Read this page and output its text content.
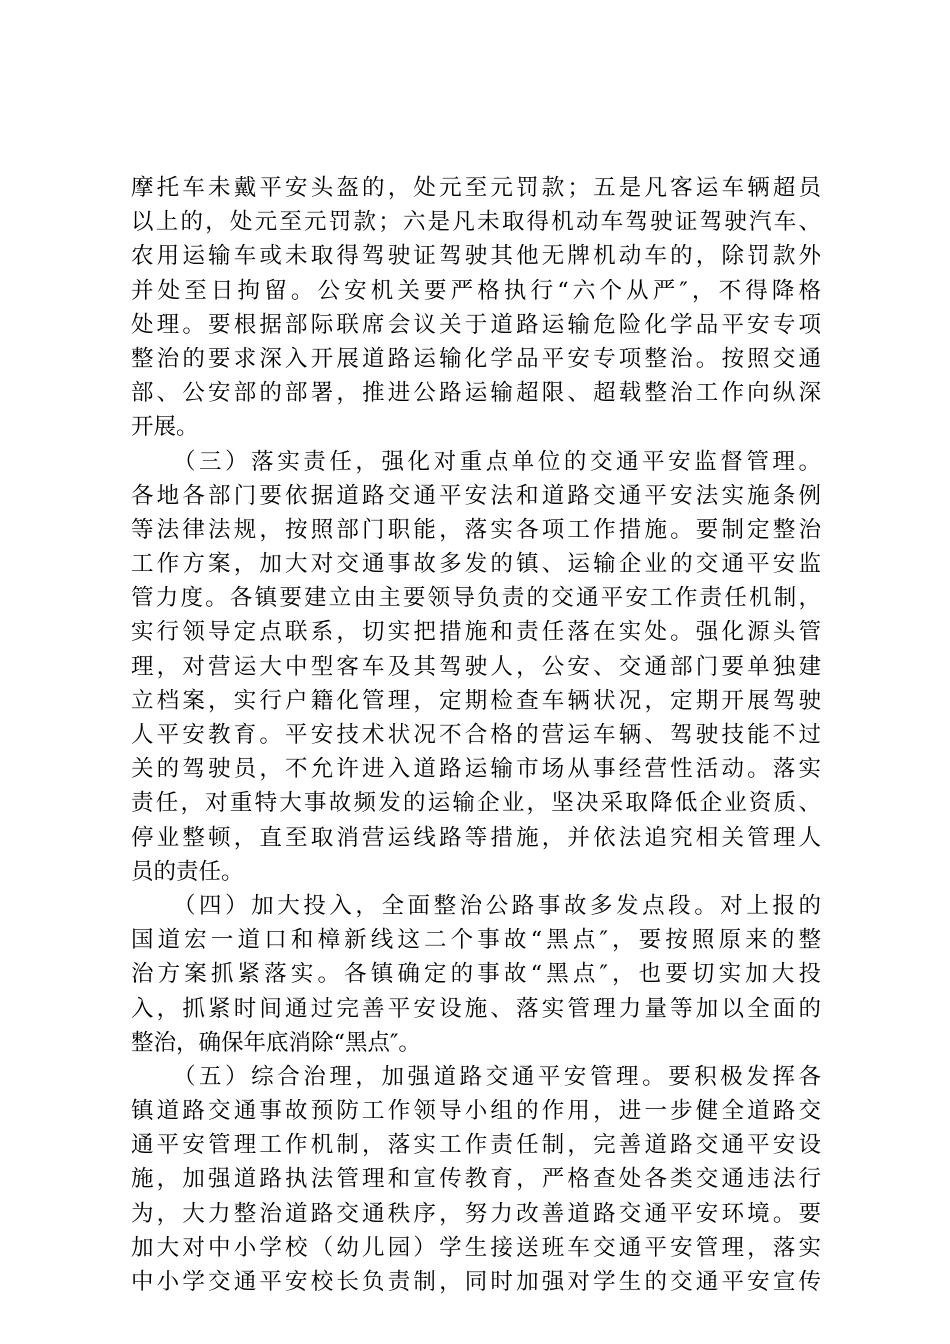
摩托车未戴平安头盔的，处元至元罚款；五是凡客运车辆超员
以上的，处元至元罚款；六是凡未取得机动车驾驶证驾驶汽车、
农用运输车或未取得驾驶证驾驶其他无牌机动车的，除罚款外
并处至日拘留。公安机关要严格执行“六个从严″，不得降格
处理。要根据部际联席会议关于道路运输危险化学品平安专项
整治的要求深入开展道路运输化学品平安专项整治。按照交通
部、公安部的部署，推进公路运输超限、超载整治工作向纵深
开展。
（三）落实责任，强化对重点单位的交通平安监督管理。
各地各部门要依据道路交通平安法和道路交通平安法实施条例
等法律法规，按照部门职能，落实各项工作措施。要制定整治
工作方案，加大对交通事故多发的镇、运输企业的交通平安监
管力度。各镇要建立由主要领导负责的交通平安工作责任机制，
实行领导定点联系，切实把措施和责任落在实处。强化源头管
理，对营运大中型客车及其驾驶人，公安、交通部门要单独建
立档案，实行户籍化管理，定期检查车辆状况，定期开展驾驶
人平安教育。平安技术状况不合格的营运车辆、驾驶技能不过
关的驾驶员，不允许进入道路运输市场从事经营性活动。落实
责任，对重特大事故频发的运输企业，坚决采取降低企业资质、
停业整顿，直至取消营运线路等措施，并依法追究相关管理人
员的责任。
（四）加大投入，全面整治公路事故多发点段。对上报的
国道宏一道口和樟新线这二个事故“黑点″，要按照原来的整
治方案抓紧落实。各镇确定的事故“黑点″，也要切实加大投
入，抓紧时间通过完善平安设施、落实管理力量等加以全面的
整治，确保年底消除“黑点″。
（五）综合治理，加强道路交通平安管理。要积极发挥各
镇道路交通事故预防工作领导小组的作用，进一步健全道路交
通平安管理工作机制，落实工作责任制，完善道路交通平安设
施，加强道路执法管理和宣传教育，严格查处各类交通违法行
为，大力整治道路交通秩序，努力改善道路交通平安环境。要
加大对中小学校（幼儿园）学生接送班车交通平安管理，落实
中小学交通平安校长负责制，同时加强对学生的交通平安宣传
